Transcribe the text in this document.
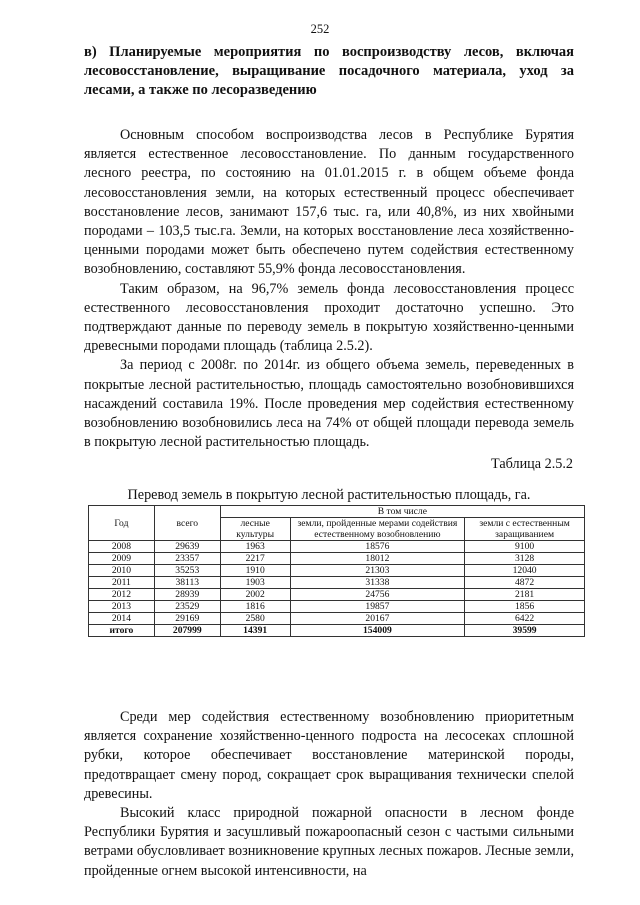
252
в) Планируемые мероприятия по воспроизводству лесов, включая лесовосстановление, выращивание посадочного материала, уход за лесами, а также по лесоразведению

Основным способом воспроизводства лесов в Республике Бурятия является естественное лесовосстановление. По данным государственного лесного реестра, по состоянию на 01.01.2015 г. в общем объеме фонда лесовосстановления земли, на которых естественный процесс обеспечивает восстановление лесов, занимают 157,6 тыс. га, или 40,8%, из них хвойными породами – 103,5 тыс.га. Земли, на которых восстановление леса хозяйственно-ценными породами может быть обеспечено путем содействия естественному возобновлению, составляют 55,9% фонда лесовосстановления.

Таким образом, на 96,7% земель фонда лесовосстановления процесс естественного лесовосстановления проходит достаточно успешно. Это подтверждают данные по переводу земель в покрытую хозяйственно-ценными древесными породами площадь (таблица 2.5.2).

За период с 2008г. по 2014г. из общего объема земель, переведенных в покрытые лесной растительностью, площадь самостоятельно возобновившихся насаждений составила 19%. После проведения мер содействия естественному возобновлению возобновились леса на 74% от общей площади перевода земель в покрытую лесной растительностью площадь.

Таблица 2.5.2
Перевод земель в покрытую лесной растительностью площадь, га.
Год	всего	В том числе		
		лесные культуры	земли, пройденные мерами содействия естественному возобновлению	земли с естественным заращиванием
2008	29639	1963	18576	9100
2009	23357	2217	18012	3128
2010	35253	1910	21303	12040
2011	38113	1903	31338	4872
2012	28939	2002	24756	2181
2013	23529	1816	19857	1856
2014	29169	2580	20167	6422
итого	207999	14391	154009	39599

Среди мер содействия естественному возобновлению приоритетным является сохранение хозяйственно-ценного подроста на лесосеках сплошной рубки, которое обеспечивает восстановление материнской породы, предотвращает смену пород, сокращает срок выращивания технически спелой древесины.

Высокий класс природной пожарной опасности в лесном фонде Республики Бурятия и засушливый пожароопасный сезон с частыми сильными ветрами обусловливает возникновение крупных лесных пожаров. Лесные земли, пройденные огнем высокой интенсивности, на
